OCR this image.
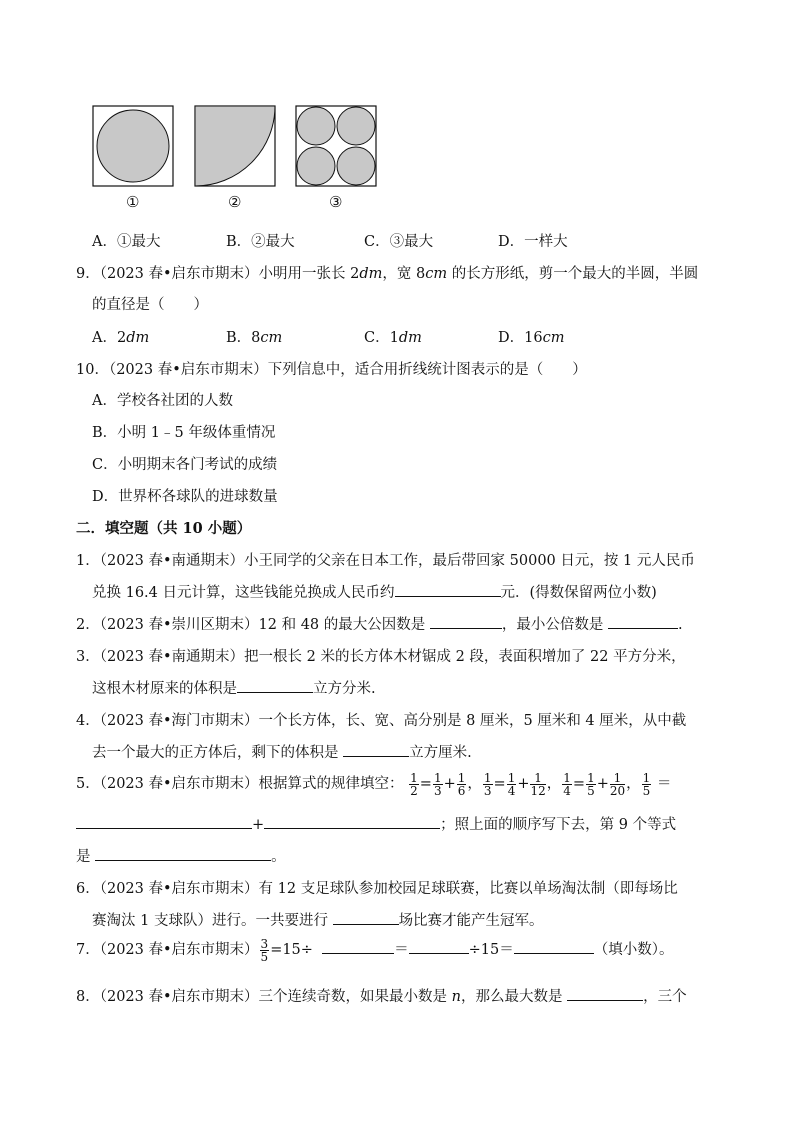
①	②	③
A．①最大	B．②最大	C．③最大	D．一样大
9．（2023 春•启东市期末）小明用一张长 2dm，宽 8cm 的长方形纸，剪一个最大的半圆，半圆
的直径是（　　）
A．2dm	B．8cm	C．1dm	D．16cm
10．（2023 春•启东市期末）下列信息中，适合用折线统计图表示的是（　　）
A．学校各社团的人数
B．小明 1﹣5 年级体重情况
C．小明期末各门考试的成绩
D．世界杯各球队的进球数量
二．填空题（共 10 小题）
1．（2023 春•南通期末）小王同学的父亲在日本工作，最后带回家 50000 日元，按 1 元人民币
兑换 16.4 日元计算，这些钱能兑换成人民币约	元．(得数保留两位小数)
2．（2023 春•崇川区期末）12 和 48 的最大公因数是	，最小公倍数是	.
3．（2023 春•南通期末）把一根长 2 米的长方体木材锯成 2 段，表面积增加了 22 平方分米，
这根木材原来的体积是	立方分米.
4．（2023 春•海门市期末）一个长方体，长、宽、高分别是 8 厘米，5 厘米和 4 厘米，从中截
去一个最大的正方体后，剩下的体积是	立方厘米.
5．（2023 春•启东市期末）根据算式的规律填空： $\frac{1}{2} = \frac{1}{3} + \frac{1}{6}$ ， $\frac{1}{3} = \frac{1}{4} + \frac{1}{12}$ ， $\frac{1}{4} = \frac{1}{5} + \frac{1}{20}$ ， $\frac{1}{5}$ ＝
+	；照上面的顺序写下去，第 9 个等式
是	。
6．（2023 春•启东市期末）有 12 支足球队参加校园足球联赛，比赛以单场淘汰制（即每场比
赛淘汰 1 支球队）进行。一共要进行	场比赛才能产生冠军。
7．（2023 春•启东市期末） $\frac{3}{5} =15\div$	＝	÷15＝	（填小数）。
8．（2023 春•启东市期末）三个连续奇数，如果最小数是 n，那么最大数是	，三个
